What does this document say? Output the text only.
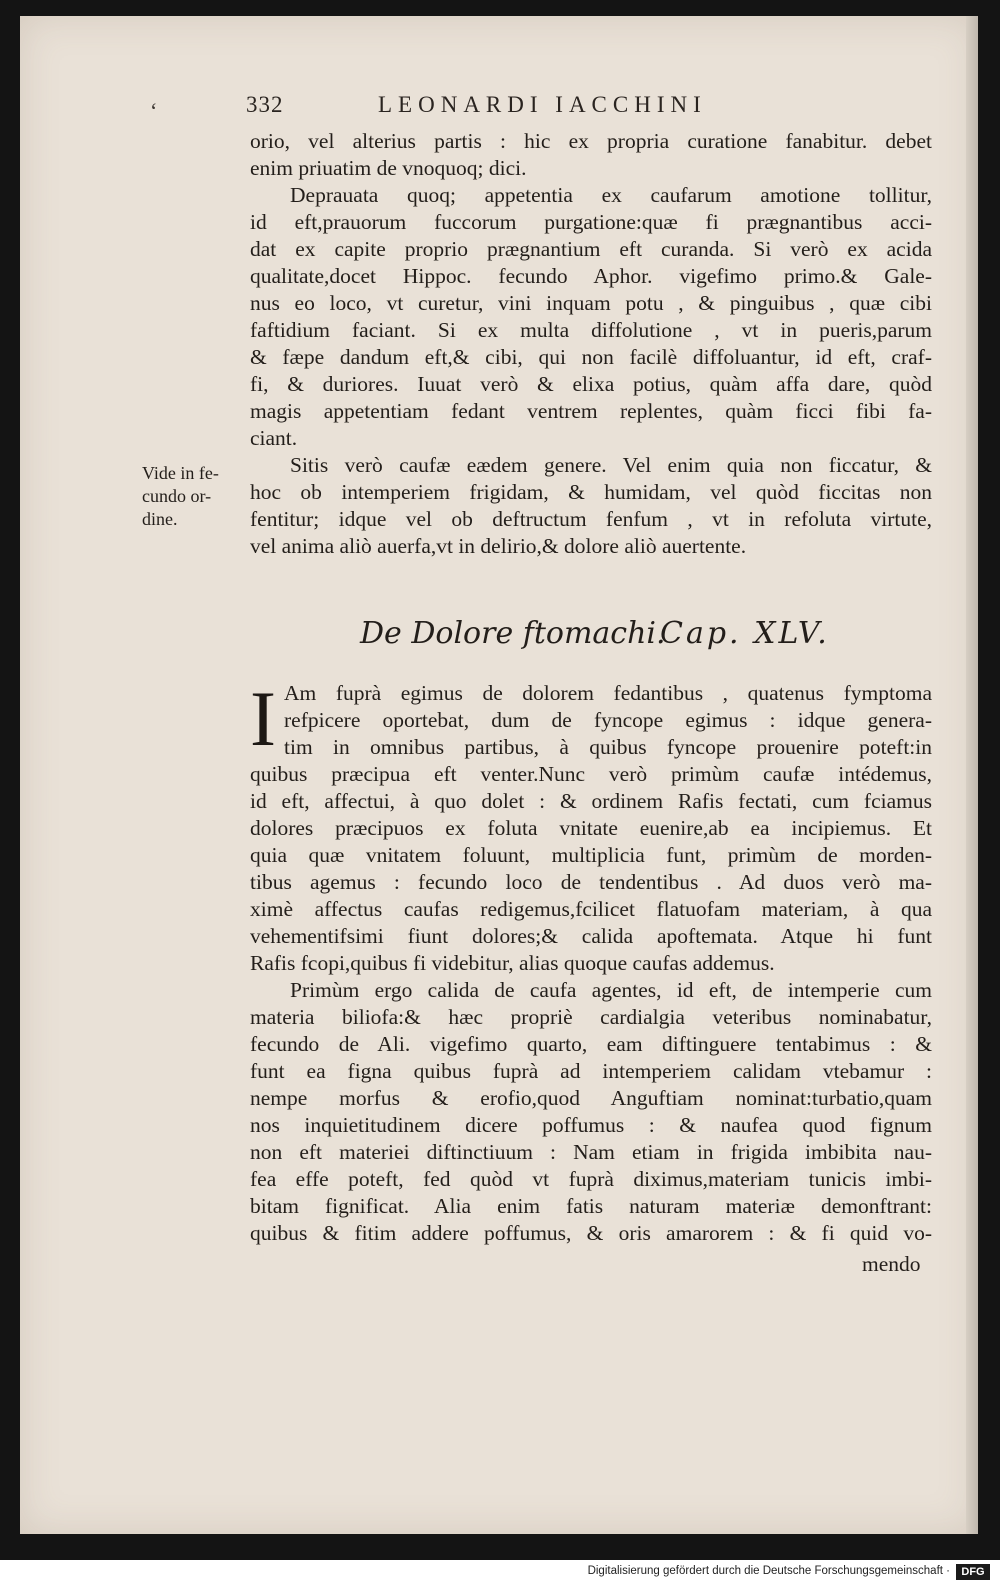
‘	332	LEONARDI IACCHINI
orio, vel alterius partis : hic ex propria curatione fanabitur. debet
enim priuatim de vnoquoq; dici.
Deprauata quoq; appetentia ex caufarum amotione tollitur,
id eft,prauorum fuccorum purgatione:quæ fi prægnantibus acci-
dat ex capite proprio prægnantium eft curanda. Si verò ex acida
qualitate,docet Hippoc. fecundo Aphor. vigefimo primo.& Gale-
nus eo loco, vt curetur, vini inquam potu , & pinguibus , quæ cibi
faftidium faciant. Si ex multa diffolutione , vt in pueris,parum
& fæpe dandum eft,& cibi, qui non facilè diffoluantur, id eft, craf-
fi, & duriores. Iuuat verò & elixa potius, quàm affa dare, quòd
magis appetentiam fedant ventrem replentes, quàm ficci fibi fa-
ciant.
Sitis verò caufæ eædem genere. Vel enim quia non ficcatur, &
hoc ob intemperiem frigidam, & humidam, vel quòd ficcitas non
fentitur; idque vel ob deftructum fenfum , vt in refoluta virtute,
vel anima aliò auerfa,vt in delirio,& dolore aliò auertente.
Vide in fe-
cundo or-
dine.
De Dolore ftomachi.
Cap. XLV.
I Am fuprà egimus de dolorem fedantibus , quatenus fymptoma
refpicere oportebat, dum de fyncope egimus : idque genera-
tim in omnibus partibus, à quibus fyncope prouenire poteft:in
quibus præcipua eft venter.Nunc verò primùm caufæ intédemus,
id eft, affectui, à quo dolet : & ordinem Rafis fectati, cum fciamus
dolores præcipuos ex foluta vnitate euenire,ab ea incipiemus. Et
quia quæ vnitatem foluunt, multiplicia funt, primùm de morden-
tibus agemus : fecundo loco de tendentibus . Ad duos verò ma-
ximè affectus caufas redigemus,fcilicet flatuofam materiam, à qua
vehementifsimi fiunt dolores;& calida apoftemata. Atque hi funt
Rafis fcopi,quibus fi videbitur, alias quoque caufas addemus.
Primùm ergo calida de caufa agentes, id eft, de intemperie cum
materia biliofa:& hæc propriè cardialgia veteribus nominabatur,
fecundo de Ali. vigefimo quarto, eam diftinguere tentabimus : &
funt ea figna quibus fuprà ad intemperiem calidam vtebamur :
nempe morfus & erofio,quod Anguftiam nominat:turbatio,quam
nos inquietitudinem dicere poffumus : & naufea quod fignum
non eft materiei diftinctiuum : Nam etiam in frigida imbibita nau-
fea effe poteft, fed quòd vt fuprà diximus,materiam tunicis imbi-
bitam fignificat. Alia enim fatis naturam materiæ demonftrant:
quibus & fitim addere poffumus, & oris amarorem : & fi quid vo-
mendo
Digitalisierung gefördert durch die Deutsche Forschungsgemeinschaft ·	DFG
